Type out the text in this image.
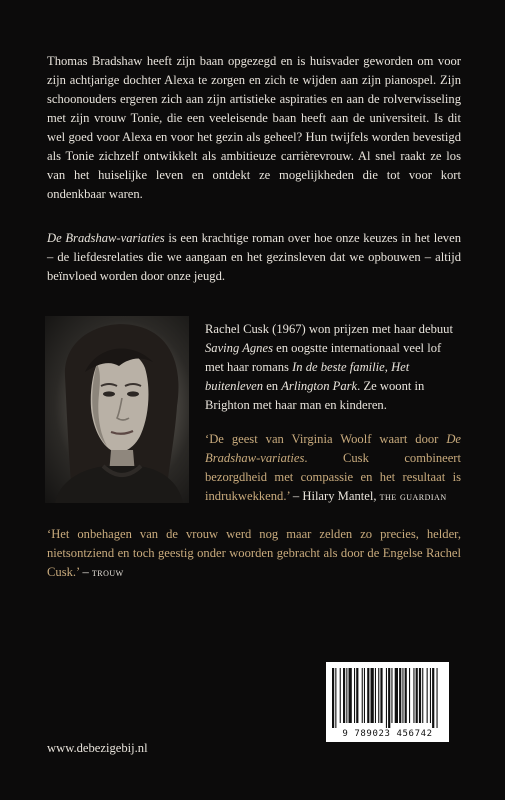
Thomas Bradshaw heeft zijn baan opgezegd en is huisvader geworden om voor zijn achtjarige dochter Alexa te zorgen en zich te wijden aan zijn pianospel. Zijn schoonouders ergeren zich aan zijn artistieke aspiraties en aan de rolverwisseling met zijn vrouw Tonie, die een veeleisende baan heeft aan de universiteit. Is dit wel goed voor Alexa en voor het gezin als geheel? Hun twijfels worden bevestigd als Tonie zichzelf ontwikkelt als ambitieuze carrièrevrouw. Al snel raakt ze los van het huiselijke leven en ontdekt ze mogelijkheden die tot voor kort ondenkbaar waren.

De Bradshaw-variaties is een krachtige roman over hoe onze keuzes in het leven – de liefdesrelaties die we aangaan en het gezinsleven dat we opbouwen – altijd beïnvloed worden door onze jeugd.

Rachel Cusk (1967) won prijzen met haar debuut Saving Agnes en oogstte internationaal veel lof met haar romans In de beste familie, Het buitenleven en Arlington Park. Ze woont in Brighton met haar man en kinderen.

‘De geest van Virginia Woolf waart door De Bradshaw-variaties. Cusk combineert bezorgdheid met compassie en het resultaat is indrukwekkend.’ – Hilary Mantel, the guardian

‘Het onbehagen van de vrouw werd nog maar zelden zo precies, helder, nietsontziend en toch geestig onder woorden gebracht als door de Engelse Rachel Cusk.’ – trouw

9 789023 456742

www.debezigebij.nl
